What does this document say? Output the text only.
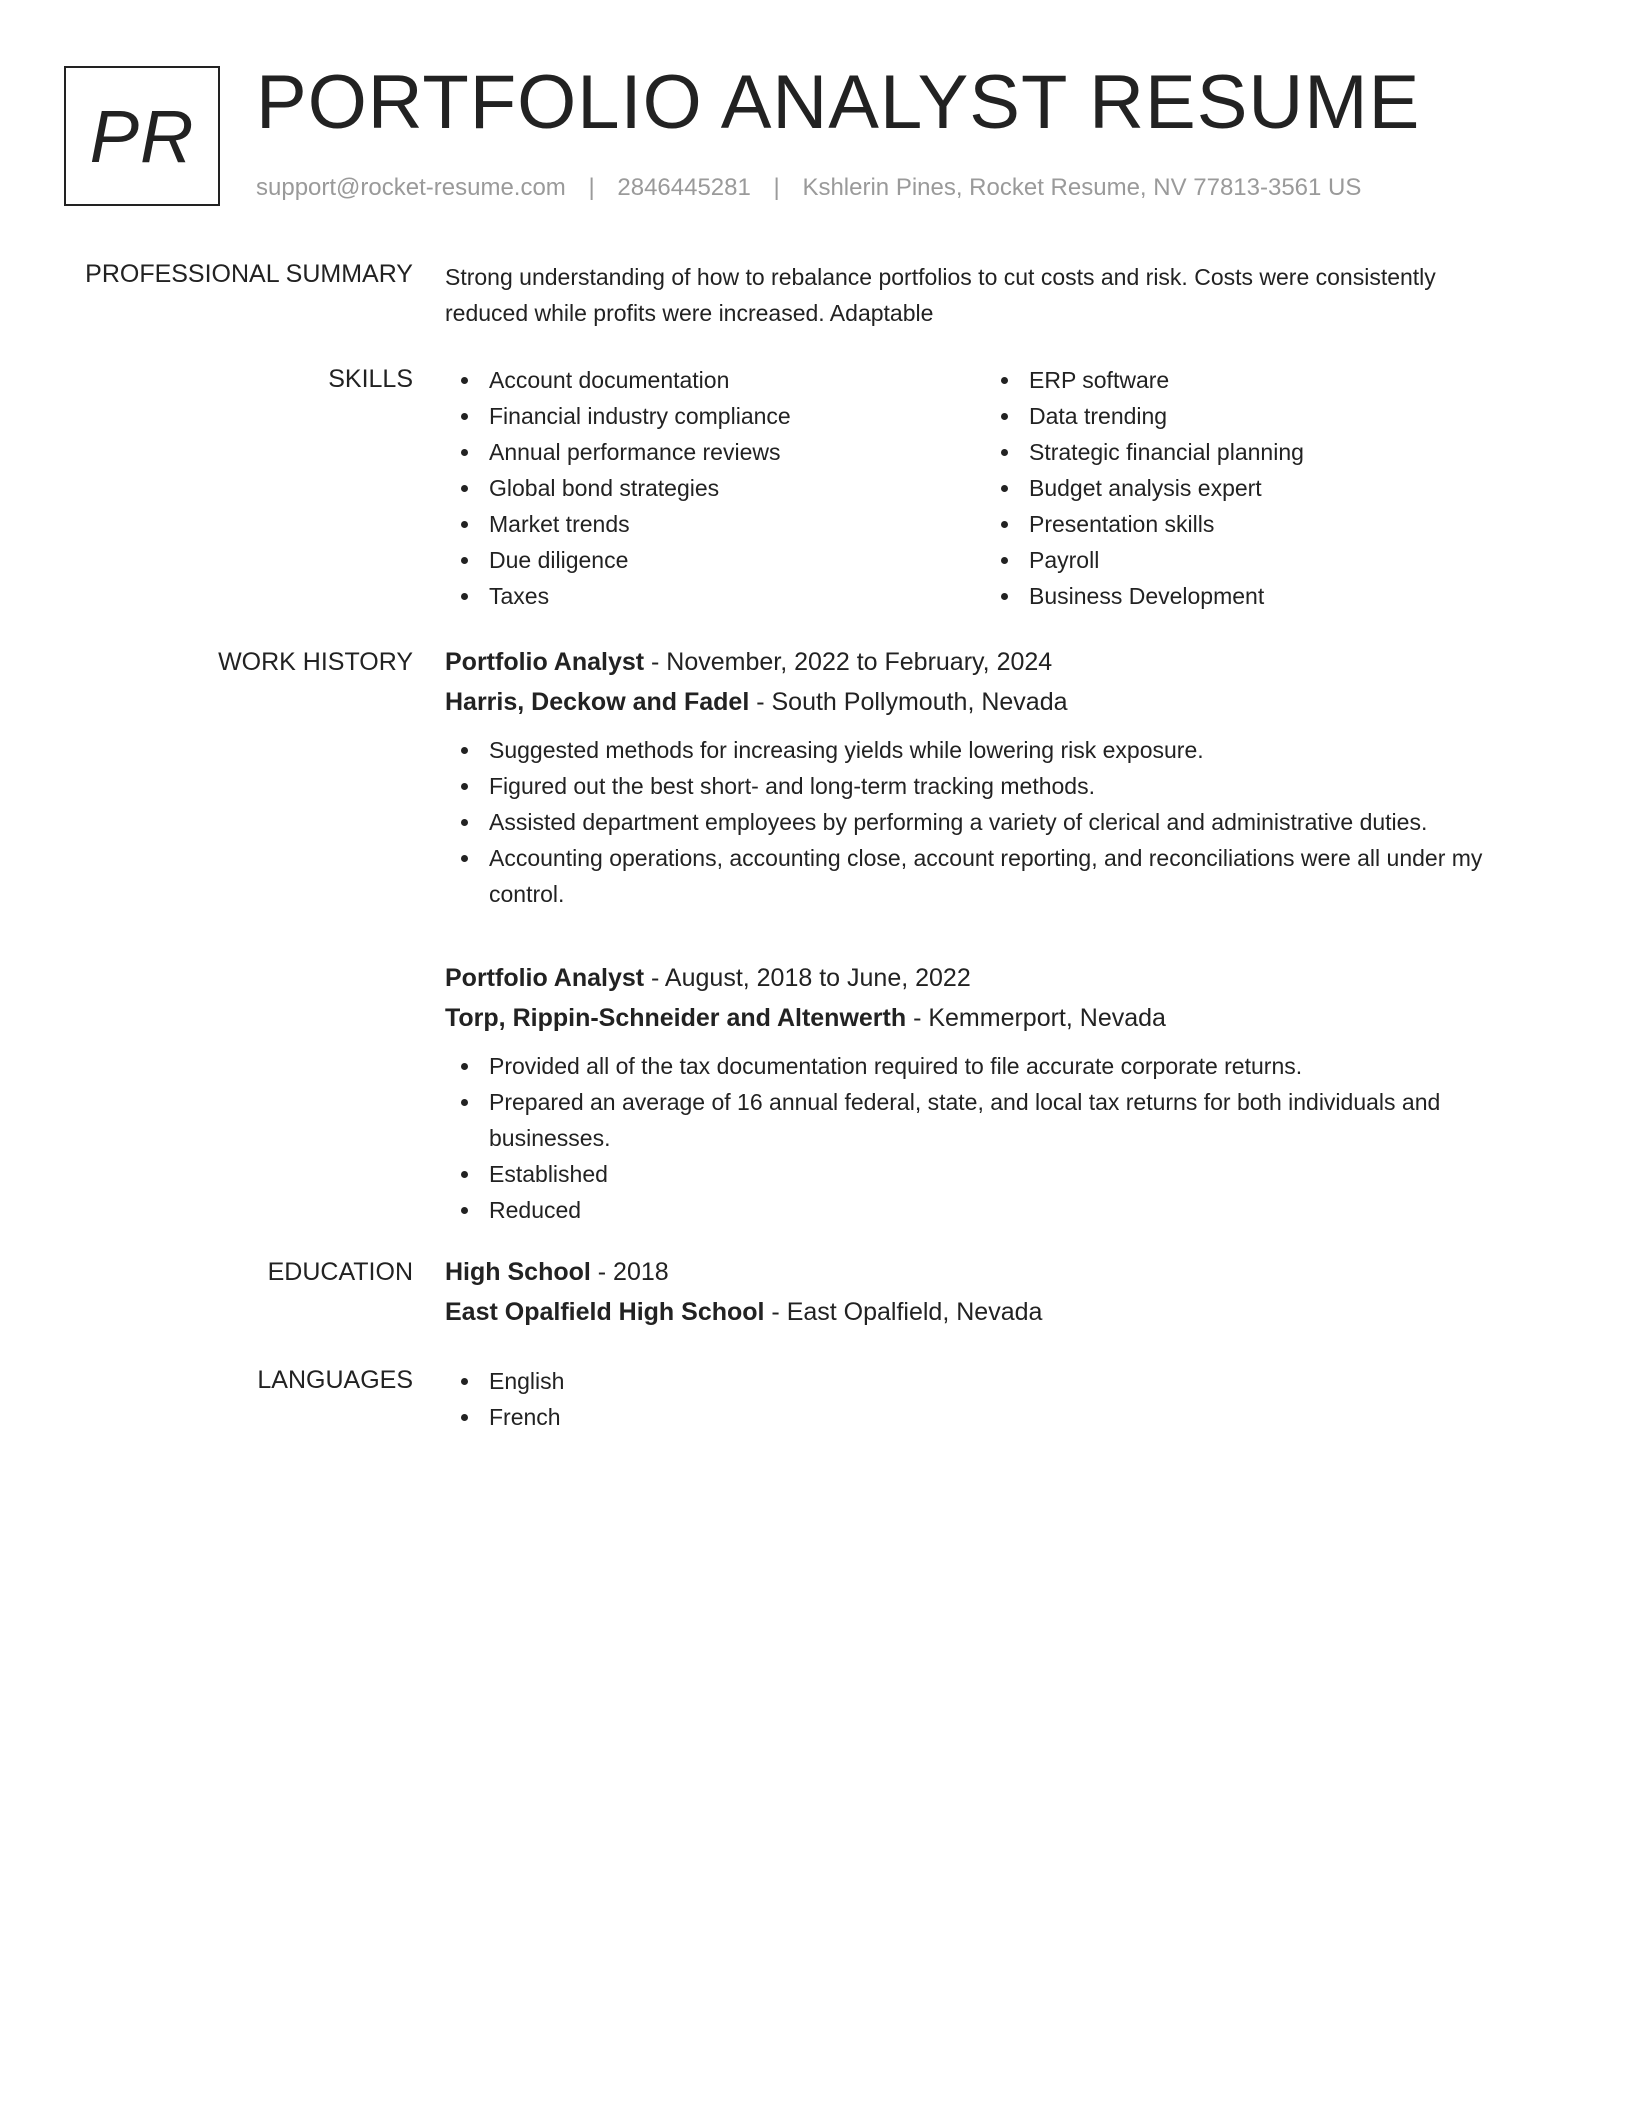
PR PORTFOLIO ANALYST RESUME
support@rocket-resume.com | 2846445281 | Kshlerin Pines, Rocket Resume, NV 77813-3561 US
PROFESSIONAL SUMMARY Strong understanding of how to rebalance portfolios to cut costs and risk. Costs were consistently reduced while profits were increased. Adaptable

SKILLS	Account documentation
Financial industry compliance
Annual performance reviews
Global bond strategies
Market trends
Due diligence
Taxes
ERP software
Data trending
Strategic financial planning
Budget analysis expert
Presentation skills
Payroll
Business Development
WORK HISTORY Portfolio Analyst - November, 2022 to February, 2024
Harris, Deckow and Fadel - South Pollymouth, Nevada
Suggested methods for increasing yields while lowering risk exposure.
Figured out the best short- and long-term tracking methods.
Assisted department employees by performing a variety of clerical and administrative duties.
Accounting operations, accounting close, account reporting, and reconciliations were all under my control.
Portfolio Analyst - August, 2018 to June, 2022
Torp, Rippin-Schneider and Altenwerth - Kemmerport, Nevada
Provided all of the tax documentation required to file accurate corporate returns.
Prepared an average of 16 annual federal, state, and local tax returns for both individuals and businesses.
Established
Reduced
EDUCATION High School - 2018
East Opalfield High School - East Opalfield, Nevada
LANGUAGES	English
French
